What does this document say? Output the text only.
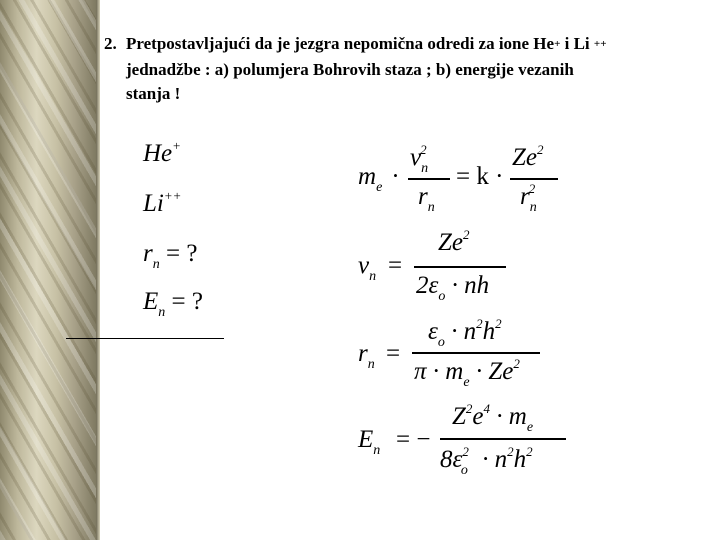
2. Pretpostavljajući da je jezgra nepomična odredi za ione He+ i Li ++
jednadžbe : a) polumjera Bohrovih staza ; b) energije vezanih
stanja !
He+
Li++
$r_n$ = ?
$E_n$ = ?
$m_e$ ·
$v_n^2$
$r_n$
= k ·
$Ze^2$
$r_n^2$
$v_n$ =
$Ze^2$
$2\varepsilon_o$ · nh
$r_n$ =
$\varepsilon_o \cdot n^2h^2$
$\pi \cdot m_e \cdot Ze^2$
$E_n$ = −
$Z^2e^4 \cdot m_e$
$8\varepsilon^2_o \cdot n^2h^2$
